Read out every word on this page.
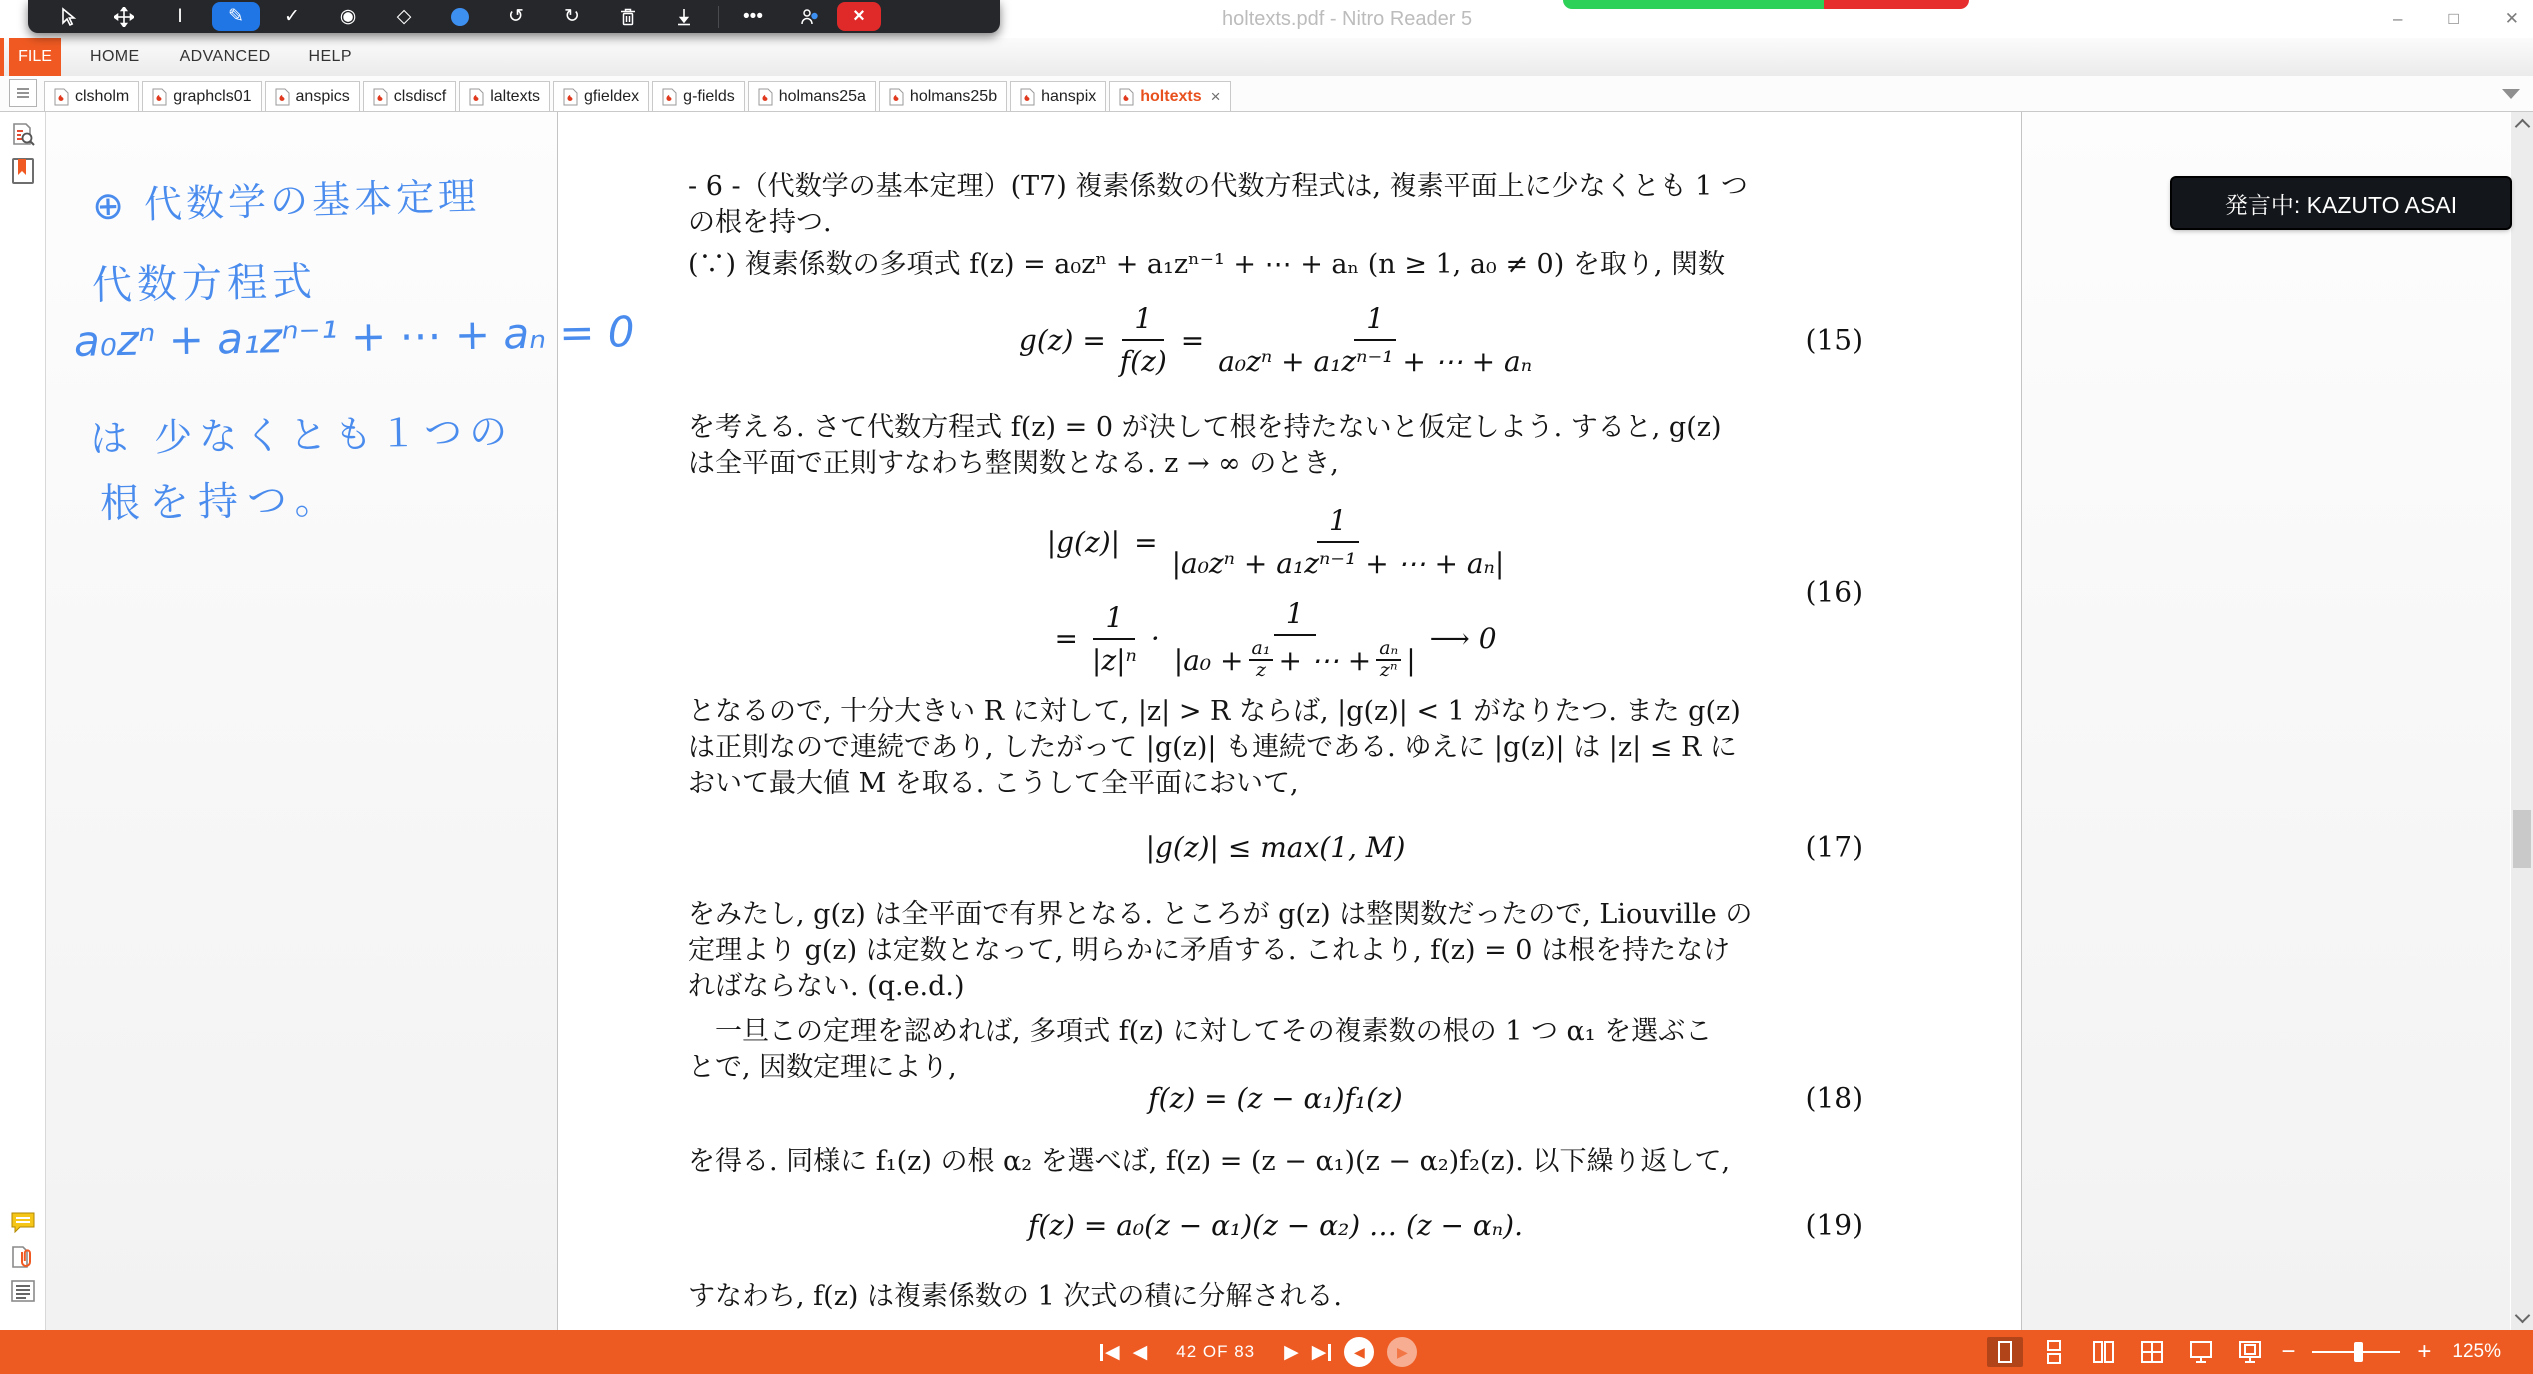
holtexts.pdf - Nitro Reader 5	–	□	✕
I	✎	✓	◉	◇	↺	↻	•••	×
FILE	HOME	ADVANCED	HELP
clsholm	graphcls01	anspics	clsdiscf	laltexts	gfieldex	g-fields	holmans25a	holmans25b	hanspix	holtexts ×
- 6 -（代数学の基本定理）(T7) 複素係数の代数方程式は, 複素平面上に少なくとも 1 つ
の根を持つ.
(∵) 複素係数の多項式 f(z) = a₀zⁿ + a₁zⁿ⁻¹ + ⋯ + aₙ (n ≥ 1, a₀ ≠ 0) を取り, 関数
$g(z) = \frac{1}{f(z)} = \frac{1}{\text{a₀zⁿ + a₁zⁿ⁻¹ + ⋯ + aₙ}}$	(15)
を考える. さて代数方程式 f(z) = 0 が決して根を持たないと仮定しよう. すると, g(z)
は全平面で正則すなわち整関数となる. z → ∞ のとき,
$|g(z)| = \frac{1}{\text{|a₀zⁿ + a₁zⁿ⁻¹ + ⋯ + aₙ|}}$
= $\frac{1}{\text{|z|ⁿ}}$ ·
1
$|a_0 + \frac{\text{a₁}}{z}$ + ⋯ + $\frac{\text{aₙ}}{\text{zⁿ}}$ |
⟶ 0
(16)
となるので, 十分大きい R に対して, |z| > R ならば, |g(z)| < 1 がなりたつ. また g(z)
は正則なので連続であり, したがって |g(z)| も連続である. ゆえに |g(z)| は |z| ≤ R に
おいて最大値 M を取る. こうして全平面において,
|g(z)| ≤ max(1, M)	(17)
をみたし, g(z) は全平面で有界となる. ところが g(z) は整関数だったので, Liouville の
定理より g(z) は定数となって, 明らかに矛盾する. これより, f(z) = 0 は根を持たなけ
ればならない. (q.e.d.)
　一旦この定理を認めれば, 多項式 f(z) に対してその複素数の根の 1 つ α₁ を選ぶこ
とで, 因数定理により,
f(z) = (z − α₁)f₁(z)	(18)
を得る. 同様に f₁(z) の根 α₂ を選べば, f(z) = (z − α₁)(z − α₂)f₂(z). 以下繰り返して,
f(z) = a₀(z − α₁)(z − α₂) … (z − αₙ).	(19)
すなわち, f(z) は複素係数の 1 次式の積に分解される.
⊕ 代数学の基本定理
代数方程式
a₀zⁿ + a₁zⁿ⁻¹ + ⋯ + aₙ = 0
は 少なくとも１つの
根を持つ。
発言中: KAZUTO ASAI
◀ ◀ 42 OF 83 ▶ ▶	◀	▶	−	+ 125%
